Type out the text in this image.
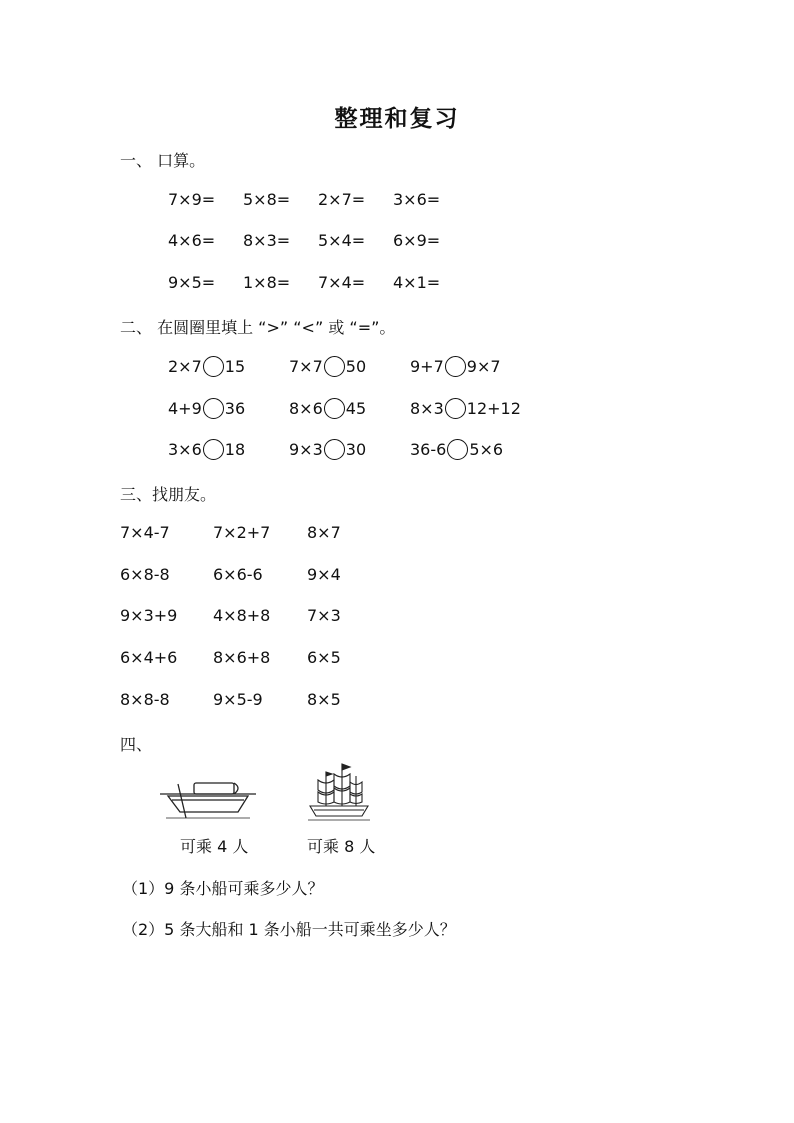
整理和复习
一、 口算。
7×9= 5×8= 2×7= 3×6=
4×6= 8×3= 5×4= 6×9=
9×5= 1×8= 7×4= 4×1=
二、 在圆圈里填上 “>” “<” 或 “=”。
2×7 15	7×7 50	9+7 9×7
4+9 36	8×6 45	8×3 12+12
3×6 18	9×3 30	36-6 5×6
三、找朋友。
7×4-7	7×2+7 8×7
6×8-8	6×6-6	9×4
9×3+9 4×8+8 7×3
6×4+6 8×6+8 6×5
8×8-8	9×5-9	8×5
四、
可乘 4 人	可乘 8 人
（1）9 条小船可乘多少人？
（2）5 条大船和 1 条小船一共可乘坐多少人？
